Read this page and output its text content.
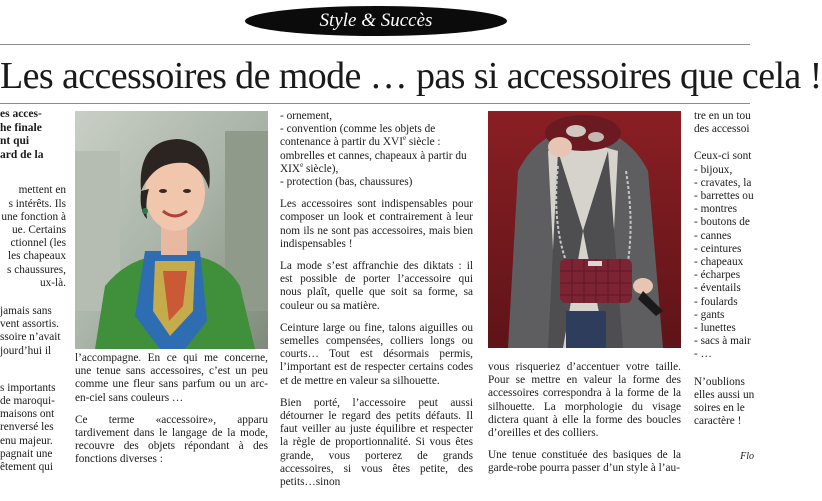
Style & Succès
Les accessoires de mode … pas si accessoires que cela !

es acces-
he finale
nt qui
ard de la

mettent en
s intérêts. Ils
une fonction à
ue. Certains
ctionnel (les
les chapeaux
s chaussures,
ux-là.

jamais sans
vent assortis.
ssoire n’avait
jourd’hui il

s importants
de maroqui-
maisons ont
renversé les
enu majeur.
pagnait une
êtement qui

l’accompagne. En ce qui me concerne, une tenue sans accessoires, c’est un peu comme une fleur sans parfum ou un arc-en-ciel sans couleurs …

Ce terme «accessoire», apparu tardivement dans le langage de la mode, recouvre des objets répondant à des fonctions diverses :

- ornement,
- convention (comme les objets de contenance à partir du XVIe siècle : ombrelles et cannes, chapeaux à partir du XIXe siècle),
- protection (bas, chaussures)

Les accessoires sont indispensables pour composer un look et contrairement à leur nom ils ne sont pas accessoires, mais bien indispensables !

La mode s’est affranchie des diktats : il est possible de porter l’accessoire qui nous plaît, quelle que soit sa forme, sa couleur ou sa matière.

Ceinture large ou fine, talons aiguilles ou semelles compensées, colliers longs ou courts… Tout est désormais permis, l’important est de respecter certains codes et de mettre en valeur sa silhouette.

Bien porté, l’accessoire peut aussi détourner le regard des petits défauts. Il faut veiller au juste équilibre et respecter la règle de proportionnalité. Si vous êtes grande, vous porterez de grands accessoires, si vous êtes petite, des petits…sinon

vous risqueriez d’accentuer votre taille. Pour se mettre en valeur la forme des accessoires correspondra à la forme de la silhouette. La morphologie du visage dictera quant à elle la forme des boucles d’oreilles et des colliers.

Une tenue constituée des basiques de la garde-robe pourra passer d’un style à l’au-

tre en un tou
des accessoi

Ceux-ci sont
- bijoux,
- cravates, la
- barrettes ou
- montres
- boutons de
- cannes
- ceintures
- chapeaux
- écharpes
- éventails
- foulards
- gants
- lunettes
- sacs à mair
- …

N’oublions
elles aussi un
soires en le
caractère !

Flo
